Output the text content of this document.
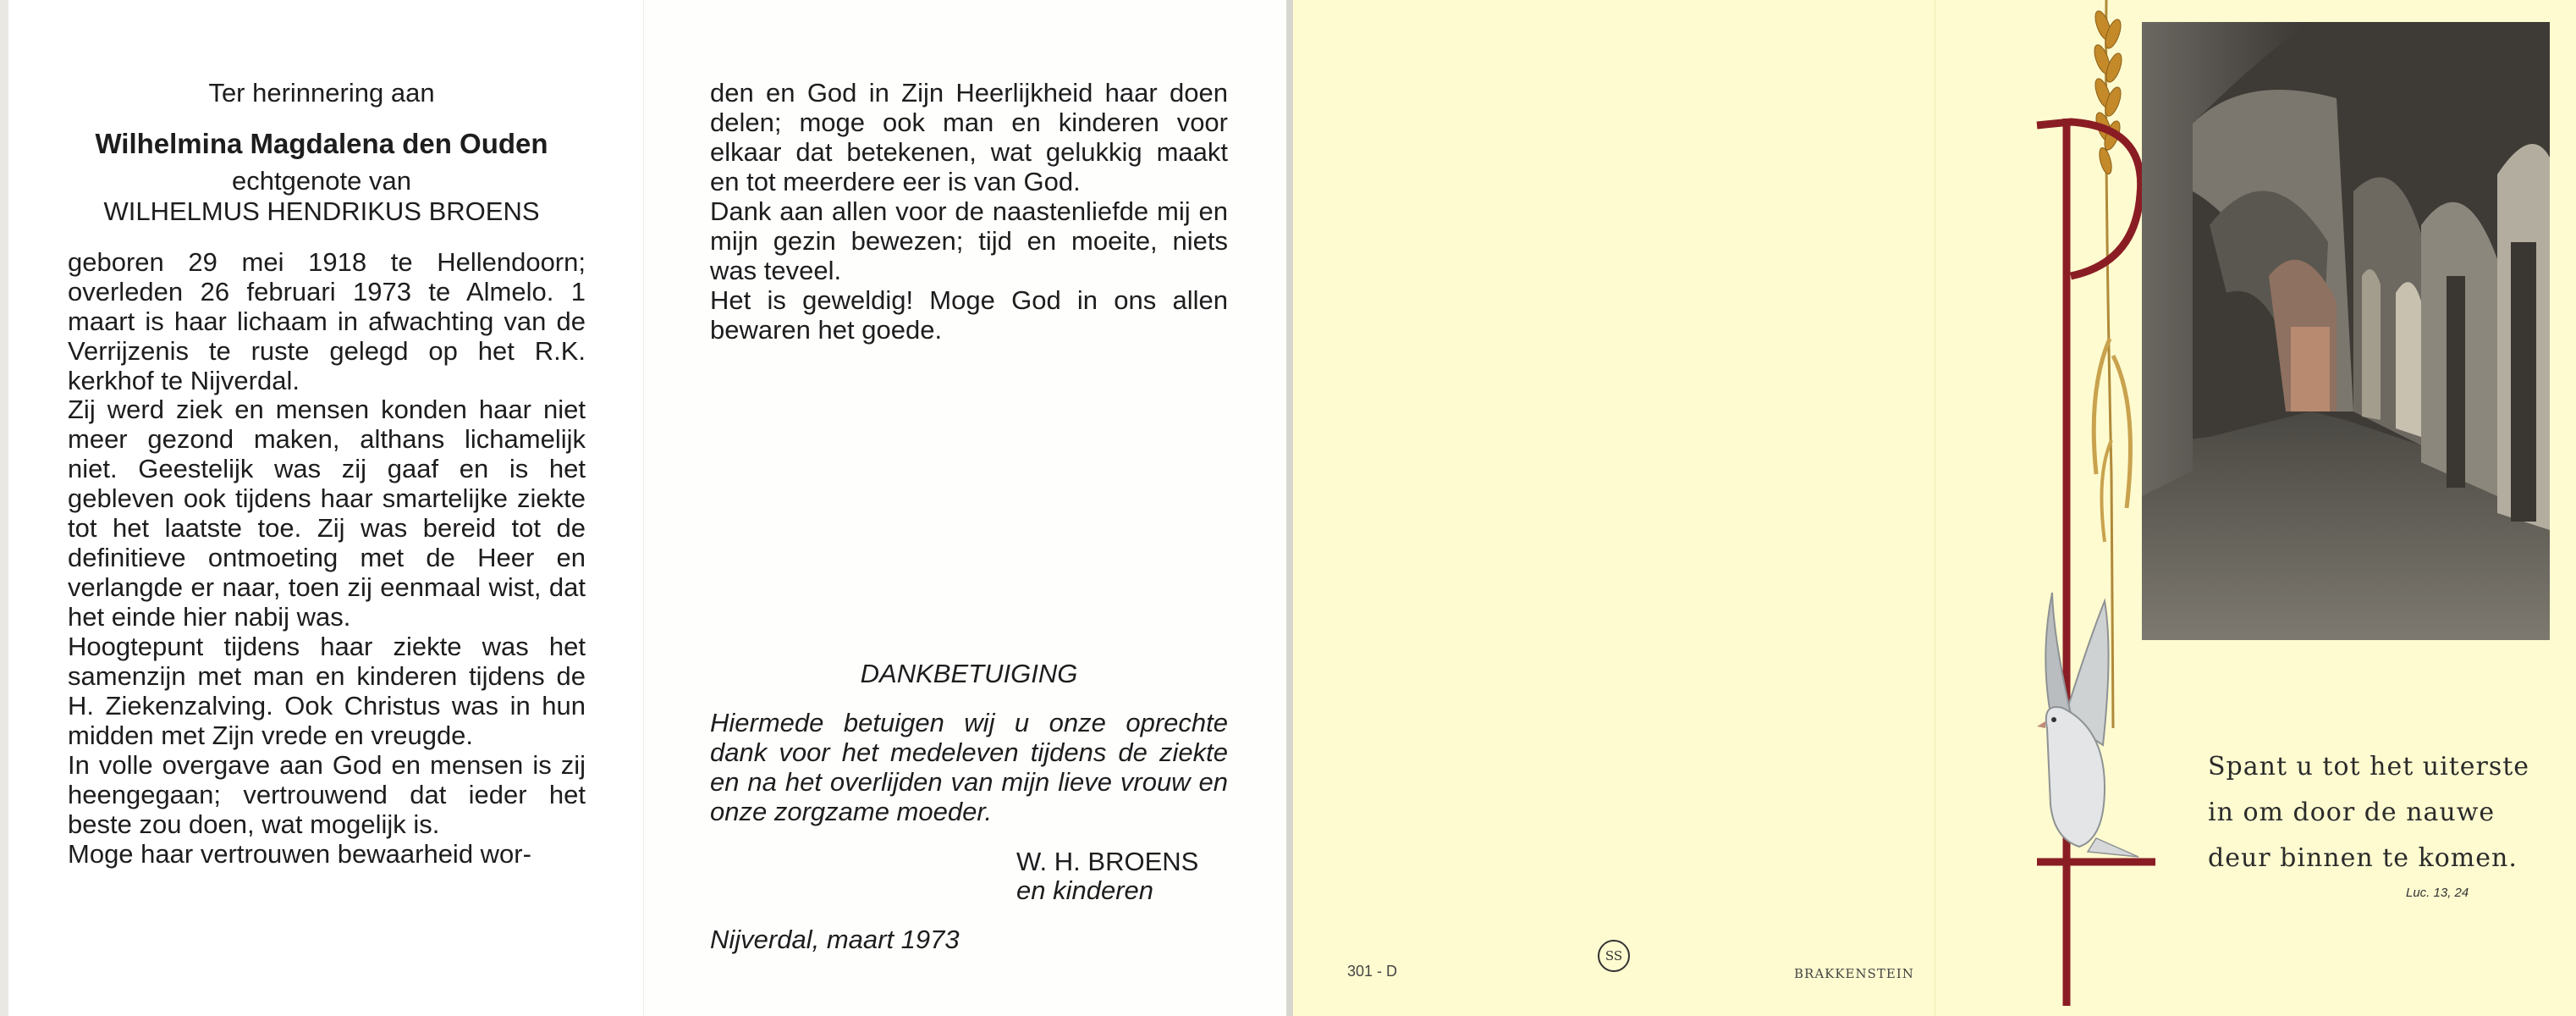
Ter herinnering aan

Wilhelmina Magdalena den Ouden

echtgenote van

WILHELMUS HENDRIKUS BROENS

geboren 29 mei 1918 te Hellendoorn; overleden 26 februari 1973 te Almelo. 1 maart is haar lichaam in afwachting van de Verrijzenis te ruste gelegd op het R.K. kerkhof te Nijverdal.

Zij werd ziek en mensen konden haar niet meer gezond maken, althans lichamelijk niet. Geestelijk was zij gaaf en is het gebleven ook tijdens haar smartelijke ziekte tot het laatste toe. Zij was bereid tot de definitieve ontmoeting met de Heer en verlangde er naar, toen zij eenmaal wist, dat het einde hier nabij was.

Hoogtepunt tijdens haar ziekte was het samenzijn met man en kinderen tijdens de H. Ziekenzalving. Ook Christus was in hun midden met Zijn vrede en vreugde.

In volle overgave aan God en mensen is zij heengegaan; vertrouwend dat ieder het beste zou doen, wat mogelijk is.

Moge haar vertrouwen bewaarheid wor-

den en God in Zijn Heerlijkheid haar doen delen; moge ook man en kinderen voor elkaar dat betekenen, wat gelukkig maakt en tot meerdere eer is van God.

Dank aan allen voor de naastenliefde mij en mijn gezin bewezen; tijd en moeite, niets was teveel.

Het is geweldig! Moge God in ons allen bewaren het goede.

DANKBETUIGING

Hiermede betuigen wij u onze oprechte dank voor het medeleven tijdens de ziekte en na het overlijden van mijn lieve vrouw en onze zorgzame moeder.

W. H. BROENS

en kinderen

Nijverdal, maart 1973

301 - D

SS

BRAKKENSTEIN

Spant u tot het uiterste

in om door de nauwe

deur binnen te komen.

Luc. 13, 24
